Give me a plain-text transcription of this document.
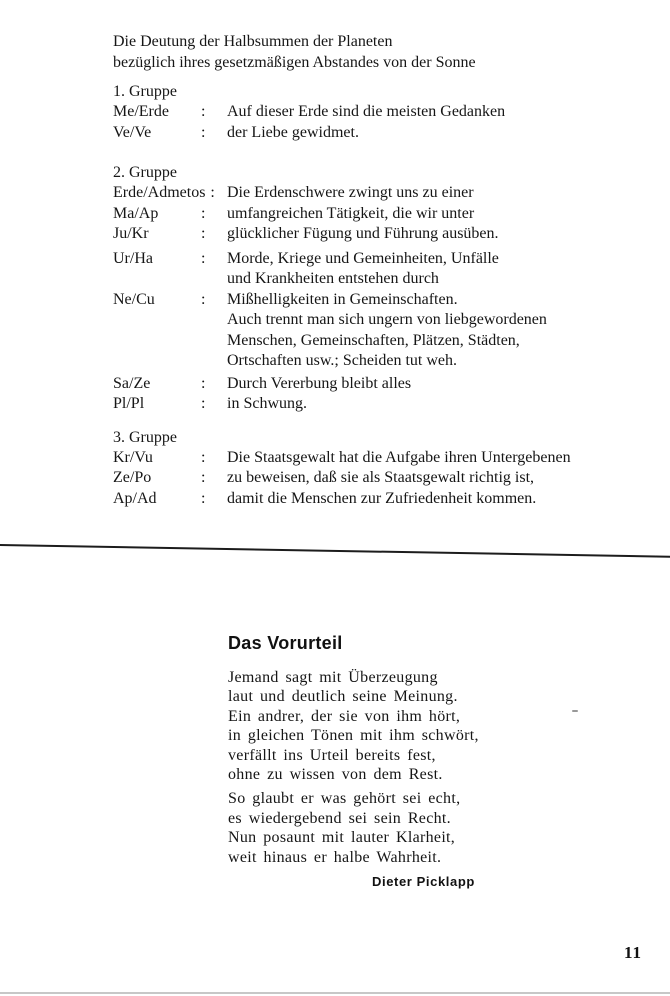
Die Deutung der Halbsummen der Planeten
bezüglich ihres gesetzmäßigen Abstandes von der Sonne
1. Gruppe
Me/Erde	:	Auf dieser Erde sind die meisten Gedanken
Ve/Ve	:	der Liebe gewidmet.
2. Gruppe
Erde/Admetos : Die Erdenschwere zwingt uns zu einer
Ma/Ap	:	umfangreichen Tätigkeit, die wir unter
Ju/Kr	:	glücklicher Fügung und Führung ausüben.
Ur/Ha	:	Morde, Kriege und Gemeinheiten, Unfälle
und Krankheiten entstehen durch
Ne/Cu	:	Mißhelligkeiten in Gemeinschaften.
Auch trennt man sich ungern von liebgewordenen
Menschen, Gemeinschaften, Plätzen, Städten,
Ortschaften usw.; Scheiden tut weh.
Sa/Ze	:	Durch Vererbung bleibt alles
Pl/Pl	:	in Schwung.
3. Gruppe
Kr/Vu	:	Die Staatsgewalt hat die Aufgabe ihren Untergebenen
Ze/Po	:	zu beweisen, daß sie als Staatsgewalt richtig ist,
Ap/Ad	:	damit die Menschen zur Zufriedenheit kommen.
Das Vorurteil
Jemand sagt mit Überzeugung
laut und deutlich seine Meinung.
Ein andrer, der sie von ihm hört,
in gleichen Tönen mit ihm schwört,
verfällt ins Urteil bereits fest,
ohne zu wissen von dem Rest.
So glaubt er was gehört sei echt,
es wiedergebend sei sein Recht.
Nun posaunt mit lauter Klarheit,
weit hinaus er halbe Wahrheit.
Dieter Picklapp
11
